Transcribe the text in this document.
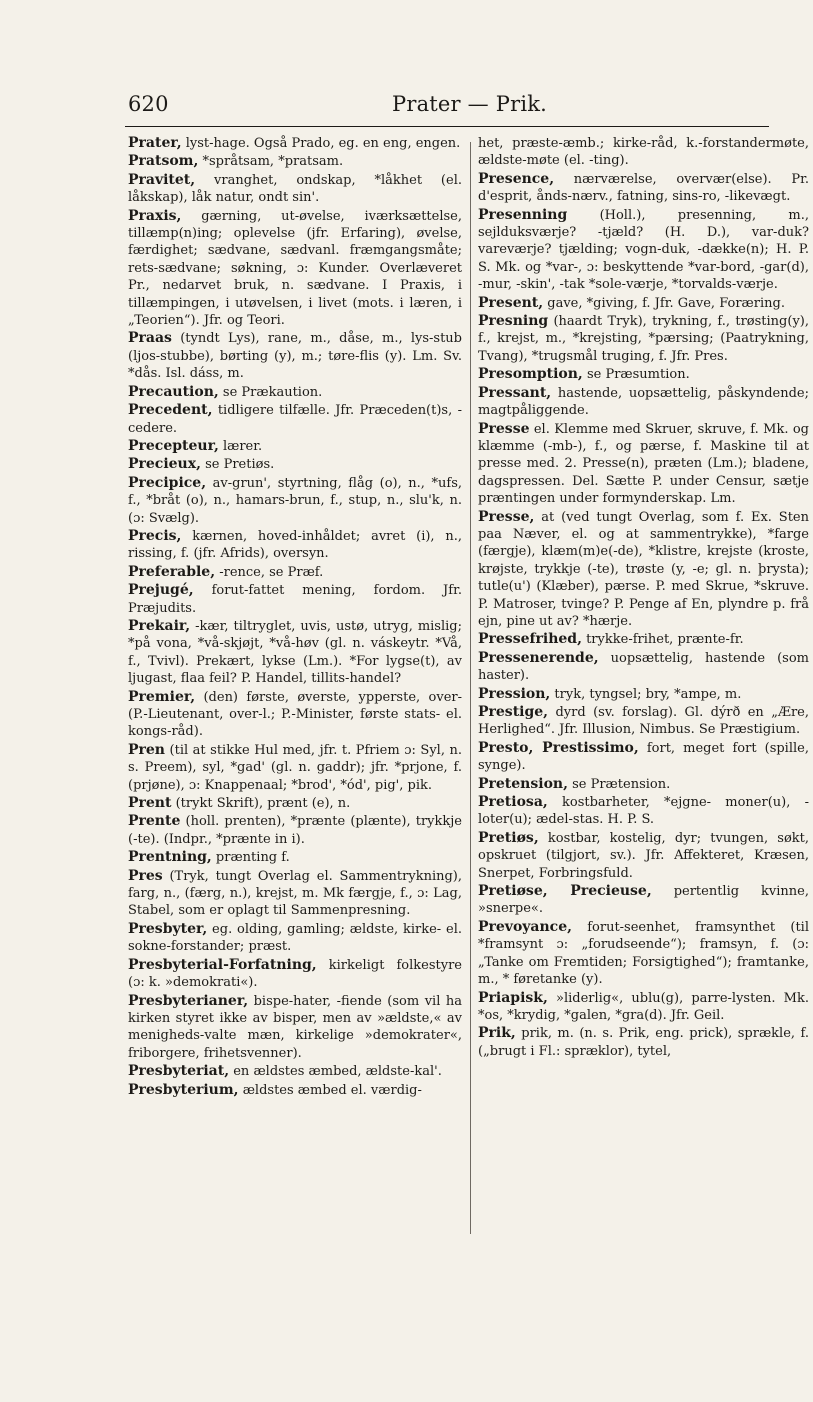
620	Prater — Prik.
Prater, lyst-hage. Også Prado, eg. en eng, engen.
Pratsom, *språtsam, *pratsam.
Pravitet, vranghet, ondskap, *låkhet (el. låkskap), låk natur, ondt sin'.
Praxis, gærning, ut-øvelse, iværksættelse, tillæmp(n)ing; oplevelse (jfr. Erfaring), øvelse, færdighet; sædvane, sædvanl. fræmgangsmåte; rets-sædvane; søkning, ɔ: Kunder. Overlæveret Pr., nedarvet bruk, n. sædvane. I Praxis, i tillæmpingen, i utøvelsen, i livet (mots. i læren, i „Teorien“). Jfr. og Teori.
Praas (tyndt Lys), rane, m., dåse, m., lys-stub (ljos-stubbe), børting (y), m.; tøre-flis (y). Lm. Sv. *dås. Isl. dáss, m.
Precaution, se Prækaution.
Precedent, tidligere tilfælle. Jfr. Præceden(t)s, -cedere.
Precepteur, lærer.
Precieux, se Pretiøs.
Precipice, av-grun', styrtning, flåg (o), n., *ufs, f., *bråt (o), n., hamars-brun, f., stup, n., slu'k, n. (ɔ: Svælg).
Precis, kærnen, hoved-inhåldet; avret (i), n., rissing, f. (jfr. Afrids), oversyn.
Preferable, -rence, se Præf.
Prejugé, forut-fattet mening, fordom. Jfr. Præjudits.
Prekair, -kær, tiltryglet, uvis, ustø, utryg, mislig; *på vona, *vå-skjøjt, *vå-høv (gl. n. váskeytr. *Vå, f., Tvivl). Prekært, lykse (Lm.). *For lygse(t), av ljugast, flaa feil? P. Handel, tillits-handel?
Premier, (den) første, øverste, ypperste, over- (P.-Lieutenant, over-l.; P.-Minister, første stats- el. kongs-råd).
Pren (til at stikke Hul med, jfr. t. Pfriem ɔ: Syl, n. s. Preem), syl, *gad' (gl. n. gaddr); jfr. *prjone, f. (prjøne), ɔ: Knappenaal; *brod', *ód', pig', pik.
Prent (trykt Skrift), prænt (e), n.
Prente (holl. prenten), *prænte (plænte), trykkje (-te). (Indpr., *prænte in i).
Prentning, prænting f.
Pres (Tryk, tungt Overlag el. Sammentrykning), farg, n., (færg, n.), krejst, m. Mk færgje, f., ɔ: Lag, Stabel, som er oplagt til Sammenpresning.
Presbyter, eg. olding, gamling; ældste, kirke- el. sokne-forstander; præst.
Presbyterial-Forfatning, kirkeligt folkestyre (ɔ: k. »demokrati«).
Presbyterianer, bispe-hater, -fiende (som vil ha kirken styret ikke av bisper, men av »ældste,« av menigheds-valte mæn, kirkelige »demokrater«, friborgere, frihetsvenner).
Presbyteriat, en ældstes æmbed, ældste-kal'.
Presbyterium, ældstes æmbed el. værdig-
het, præste-æmb.; kirke-råd, k.-forstandermøte, ældste-møte (el. -ting).
Presence, nærværelse, overvær(else). Pr. d'esprit, ånds-nærv., fatning, sins-ro, -likevægt.
Presenning (Holl.), presenning, m., sejlduksværje? -tjæld? (H. D.), var-duk? vareværje? tjælding; vogn-duk, -dække(n); H. P. S. Mk. og *var-, ɔ: beskyttende *var-bord, -gar(d), -mur, -skin', -tak *sole-værje, *torvalds-værje.
Present, gave, *giving, f. Jfr. Gave, Foræring.
Presning (haardt Tryk), trykning, f., trøsting(y), f., krejst, m., *krejsting, *pærsing; (Paatrykning, Tvang), *trugsmål truging, f. Jfr. Pres.
Presomption, se Præsumtion.
Pressant, hastende, uopsættelig, påskyndende; magtpåliggende.
Presse el. Klemme med Skruer, skruve, f. Mk. og klæmme (-mb-), f., og pærse, f. Maskine til at presse med. 2. Presse(n), præten (Lm.); bladene, dagspressen. Del. Sætte P. under Censur, sætje præntingen under formynderskap. Lm.
Presse, at (ved tungt Overlag, som f. Ex. Sten paa Næver, el. og at sammentrykke), *farge (færgje), klæm(m)e(-de), *klistre, krejste (kroste, krøjste, trykkje (-te), trøste (y, -e; gl. n. þrysta); tutle(u') (Klæber), pærse. P. med Skrue, *skruve. P. Matroser, tvinge? P. Penge af En, plyndre p. frå ejn, pine ut av? *hærje.
Pressefrihed, trykke-frihet, prænte-fr.
Pressenerende, uopsættelig, hastende (som haster).
Pression, tryk, tyngsel; bry, *ampe, m.
Prestige, dyrd (sv. forslag). Gl. dýrð en „Ære, Herlighed“. Jfr. Illusion, Nimbus. Se Præstigium.
Presto, Prestissimo, fort, meget fort (spille, synge).
Pretension, se Prætension.
Pretiosa, kostbarheter, *ejgne- moner(u), -loter(u); ædel-stas. H. P. S.
Pretiøs, kostbar, kostelig, dyr; tvungen, søkt, opskruet (tilgjort, sv.). Jfr. Affekteret, Kræsen, Snerpet, Forbringsfuld.
Pretiøse, Precieuse, pertentlig kvinne, »snerpe«.
Prevoyance, forut-seenhet, framsynthet (til *framsynt ɔ: „forudseende“); framsyn, f. (ɔ: „Tanke om Fremtiden; Forsigtighed“); framtanke, m., * føretanke (y).
Priapisk, »liderlig«, ublu(g), parre-lysten. Mk. *os, *krydig, *galen, *gra(d). Jfr. Geil.
Prik, prik, m. (n. s. Prik, eng. prick), sprækle, f. („brugt i Fl.: spræklor), tytel,
